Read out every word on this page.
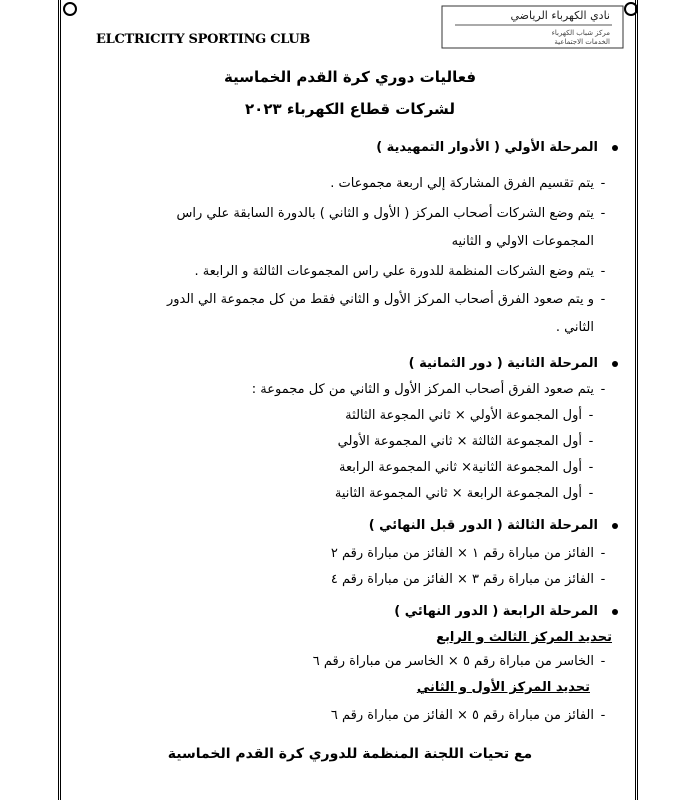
ELCTRICITY SPORTING CLUB
نادي الكهرباء الرياضي
مركز شباب الكهرباء
الخدمات الاجتماعية
فعاليات دوري كرة القدم الخماسية
لشركات قطاع الكهرباء ٢٠٢٣
المرحلة الأولي ( الأدوار التمهيدية )
-يتم تقسيم الفرق المشاركة إلي اربعة مجموعات .
-يتم وضع الشركات أصحاب المركز ( الأول و الثاني ) بالدورة السابقة علي راس
المجموعات الاولي و الثانيه
-يتم وضع الشركات المنظمة للدورة علي راس المجموعات الثالثة و الرابعة .
-و يتم صعود الفرق أصحاب المركز الأول و الثاني فقط من كل مجموعة الي الدور
الثاني .
المرحلة الثانية ( دور الثمانية )
-يتم صعود الفرق أصحاب المركز الأول و الثاني من كل مجموعة :
-أول المجموعة الأولي × ثاني المجوعة الثالثة
-أول المجموعة الثالثة × ثاني المجموعة الأولي
-أول المجموعة الثانية× ثاني المجموعة الرابعة
-أول المجموعة الرابعة × ثاني المجموعة الثانية
المرحلة الثالثة ( الدور قبل النهائي )
-الفائز من مباراة رقم ١ × الفائز من مباراة رقم ٢
-الفائز من مباراة رقم ٣ × الفائز من مباراة رقم ٤
المرحلة الرابعة ( الدور النهائي )
تحديد المركز الثالث و الرابع
-الخاسر من مباراة رقم ٥ × الخاسر من مباراة رقم ٦
تحديد المركز الأول و الثاني
-الفائز من مباراة رقم ٥ × الفائز من مباراة رقم ٦
مع تحيات اللجنة المنظمة للدوري كرة القدم الخماسية
